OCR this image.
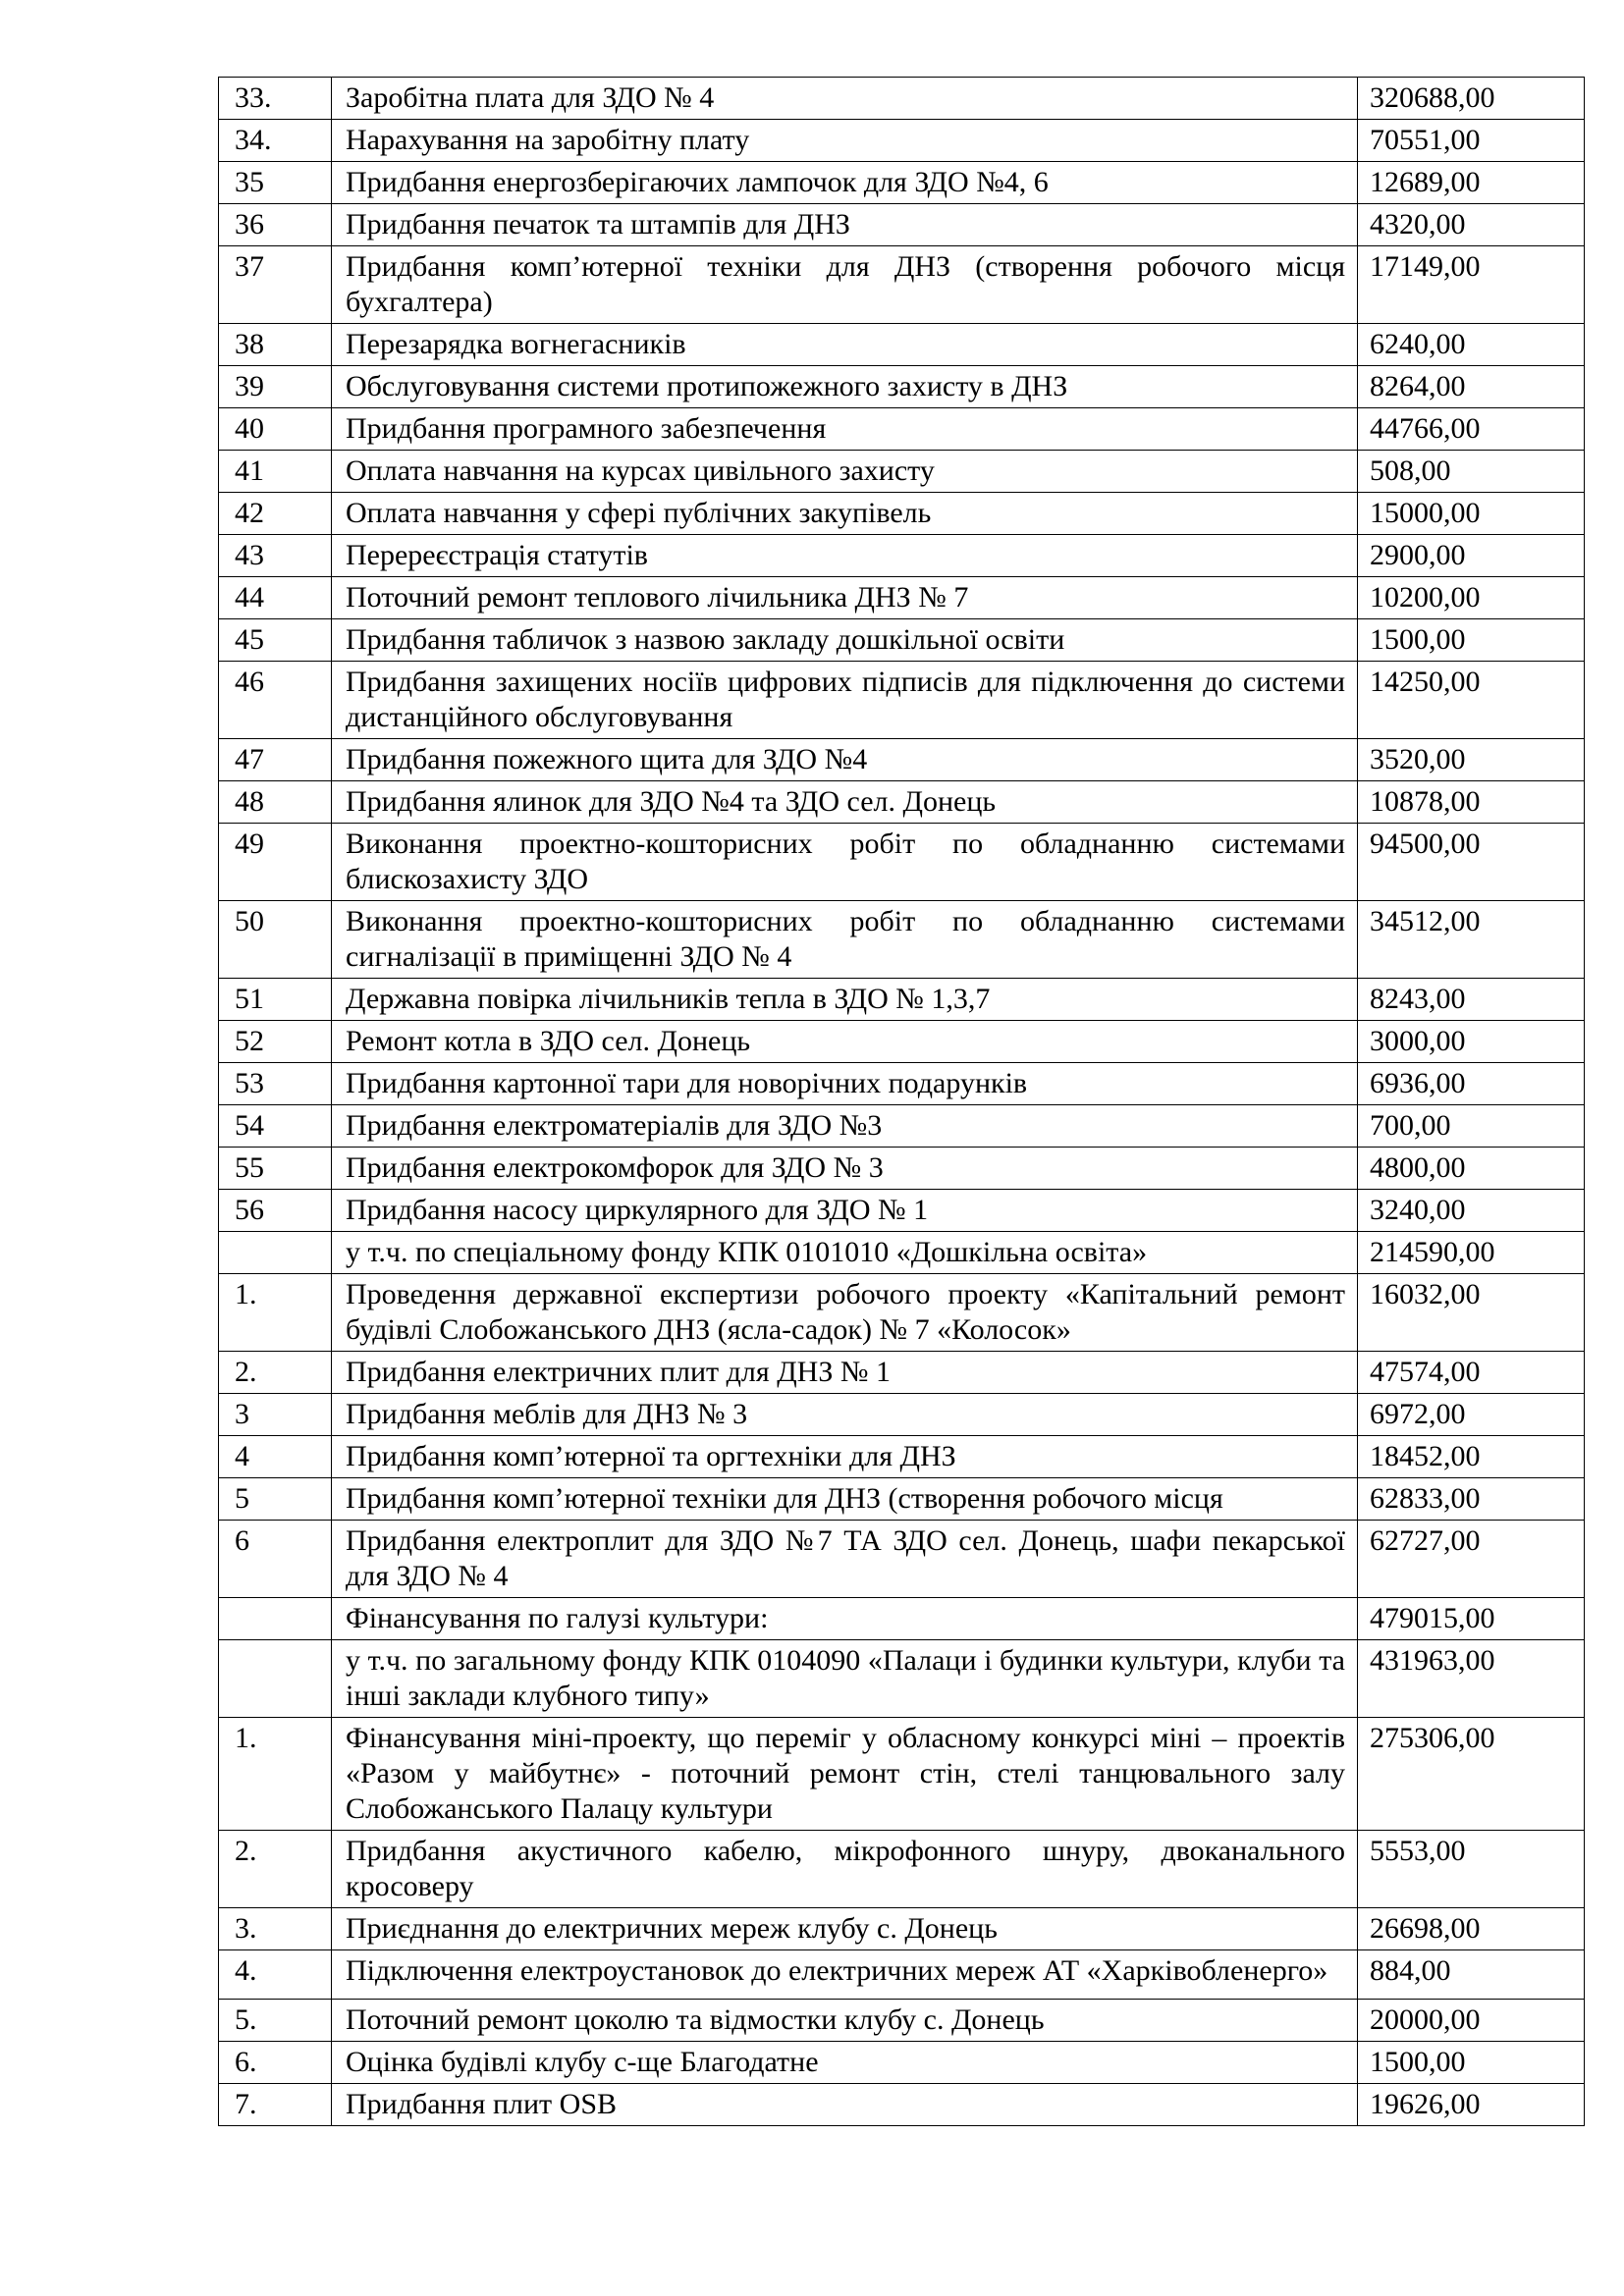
33.	Заробітна плата для ЗДО № 4	320688,00
34.	Нарахування на заробітну плату	70551,00
35	Придбання енергозберігаючих лампочок для ЗДО №4, 6	12689,00
36	Придбання печаток та штампів для ДНЗ	4320,00
37	Придбання комп’ютерної техніки для ДНЗ (створення робочого місця бухгалтера)	17149,00
38	Перезарядка вогнегасників	6240,00
39	Обслуговування системи протипожежного захисту в ДНЗ	8264,00
40	Придбання програмного забезпечення	44766,00
41	Оплата навчання на курсах цивільного захисту	508,00
42	Оплата навчання у сфері публічних закупівель	15000,00
43	Перереєстрація статутів	2900,00
44	Поточний ремонт теплового лічильника ДНЗ № 7	10200,00
45	Придбання табличок з назвою закладу дошкільної освіти	1500,00
46	Придбання захищених носіїв цифрових підписів для підключення до системи дистанційного обслуговування	14250,00
47	Придбання пожежного щита для ЗДО №4	3520,00
48	Придбання ялинок для ЗДО №4 та ЗДО сел. Донець	10878,00
49	Виконання проектно-кошторисних робіт по обладнанню системами блискозахисту ЗДО	94500,00
50	Виконання проектно-кошторисних робіт по обладнанню системами сигналізації в приміщенні ЗДО № 4	34512,00
51	Державна повірка лічильників тепла в ЗДО № 1,3,7	8243,00
52	Ремонт котла в ЗДО сел. Донець	3000,00
53	Придбання картонної тари для новорічних подарунків	6936,00
54	Придбання електроматеріалів для ЗДО №3	700,00
55	Придбання електрокомфорок для ЗДО № 3	4800,00
56	Придбання насосу циркулярного для ЗДО № 1	3240,00
	у т.ч. по спеціальному фонду КПК 0101010 «Дошкільна освіта»	214590,00
1.	Проведення державної експертизи робочого проекту «Капітальний ремонт будівлі Слобожанського ДНЗ (ясла-садок) № 7 «Колосок»	16032,00
2.	Придбання електричних плит для ДНЗ № 1	47574,00
3	Придбання меблів для ДНЗ № 3	6972,00
4	Придбання комп’ютерної та оргтехніки для ДНЗ	18452,00
5	Придбання комп’ютерної техніки для ДНЗ (створення робочого місця	62833,00
6	Придбання електроплит для ЗДО №7 ТА ЗДО сел. Донець, шафи пекарської для ЗДО № 4	62727,00
	Фінансування по галузі культури:	479015,00
	у т.ч. по загальному фонду КПК 0104090 «Палаци і будинки культури, клуби та інші заклади клубного типу»	431963,00
1.	Фінансування міні-проекту, що переміг у обласному конкурсі міні – проектів «Разом у майбутнє» - поточний ремонт стін, стелі танцювального залу Слобожанського Палацу культури	275306,00
2.	Придбання акустичного кабелю, мікрофонного шнуру, двоканального кросоверу	5553,00
3.	Приєднання до електричних мереж клубу с. Донець	26698,00
4.	Підключення електроустановок до електричних мереж АТ «Харківобленерго»	884,00
5.	Поточний ремонт цоколю та відмостки клубу с. Донець	20000,00
6.	Оцінка будівлі клубу с-ще Благодатне	1500,00
7.	Придбання плит OSB	19626,00
